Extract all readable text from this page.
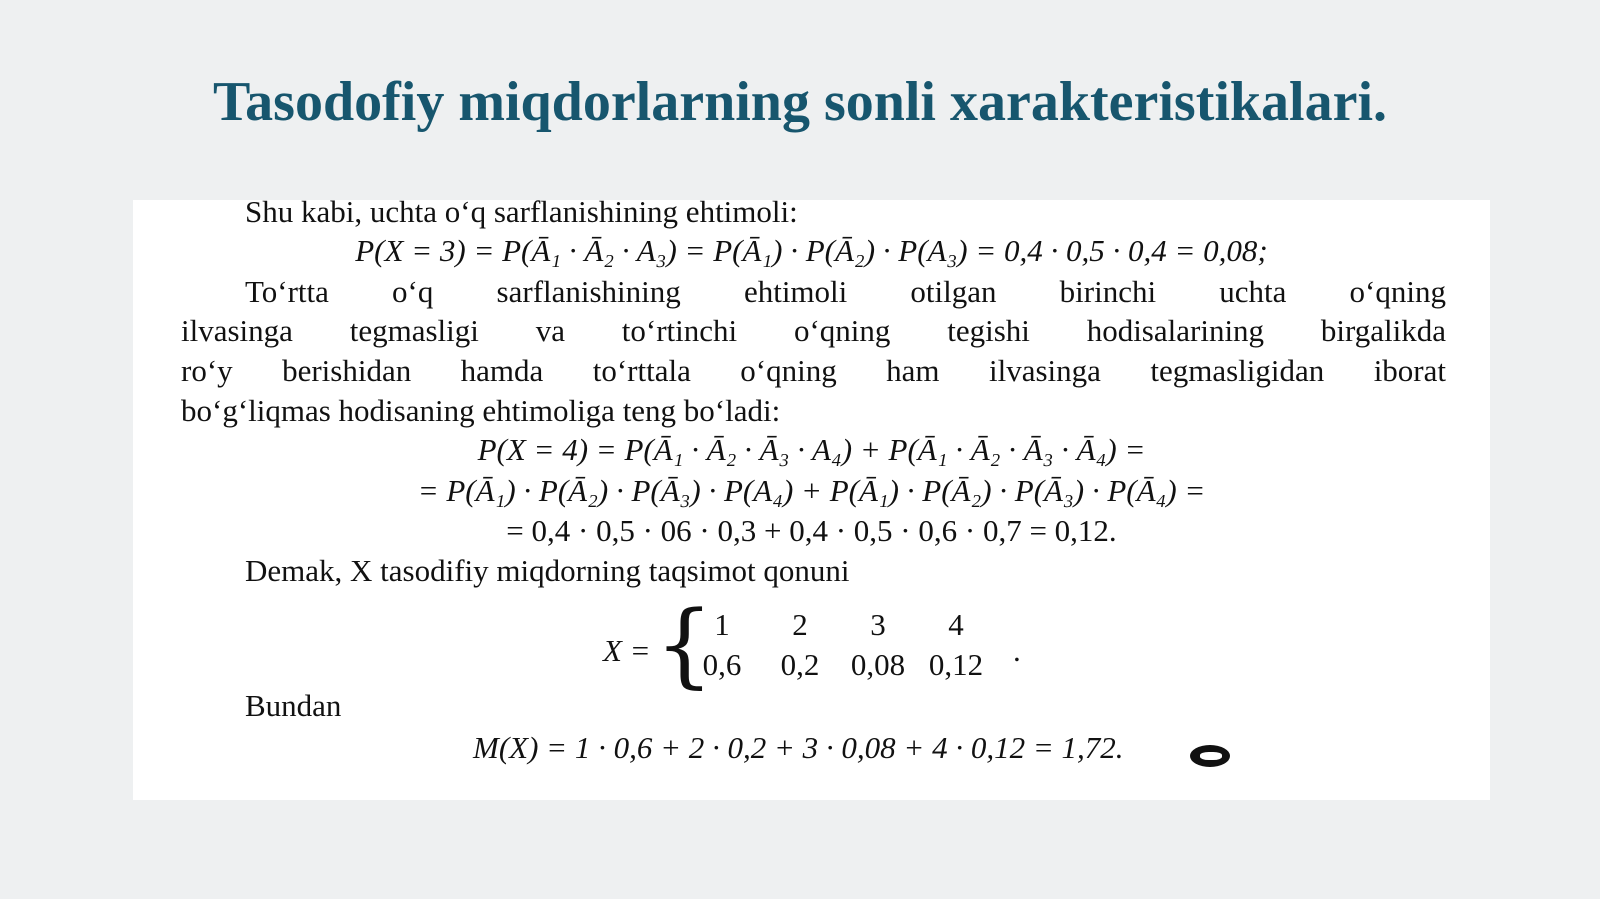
Tasodofiy miqdorlarning sonli xarakteristikalari.
Shu kabi, uchta o‘q sarflanishining ehtimoli:
P(X = 3) = P(Ā₁ · Ā₂ · A₃) = P(Ā₁) · P(Ā₂) · P(A₃) = 0,4 · 0,5 · 0,4 = 0,08;
To‘rtta o‘q sarflanishining ehtimoli otilgan birinchi uchta o‘qning
ilvasinga tegmasligi va to‘rtinchi o‘qning tegishi hodisalarining birgalikda
ro‘y berishidan hamda to‘rttala o‘qning ham ilvasinga tegmasligidan iborat
bo‘g‘liqmas hodisaning ehtimoliga teng bo‘ladi:
P(X = 4) = P(Ā₁ · Ā₂ · Ā₃ · A₄) + P(Ā₁ · Ā₂ · Ā₃ · Ā₄) =
= P(Ā₁) · P(Ā₂) · P(Ā₃) · P(A₄) + P(Ā₁) · P(Ā₂) · P(Ā₃) · P(Ā₄) =
= 0,4 · 0,5 · 06 · 0,3 + 0,4 · 0,5 · 0,6 · 0,7 = 0,12.
Demak, X tasodifiy miqdorning taqsimot qonuni
X = { 1	2	3	4
0,6	0,2	0,08	0,12 .
Bundan
M(X) = 1 · 0,6 + 2 · 0,2 + 3 · 0,08 + 4 · 0,12 = 1,72.
